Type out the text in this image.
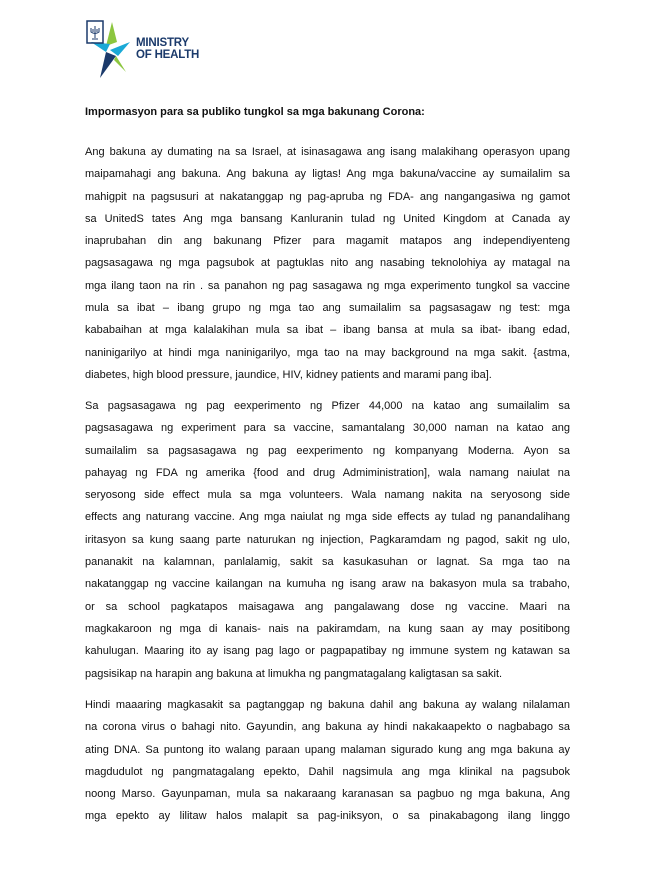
MINISTRY
OF HEALTH
Impormasyon para sa publiko tungkol sa mga bakunang Corona:
Ang bakuna ay dumating na sa Israel, at isinasagawa ang isang malakihang operasyon upang
maipamahagi ang bakuna. Ang bakuna ay ligtas! Ang mga bakuna/vaccine ay sumailalim sa
mahigpit na pagsusuri at nakatanggap ng pag-apruba ng FDA- ang nangangasiwa ng gamot
sa UnitedS tates Ang mga bansang Kanluranin tulad ng United Kingdom at Canada ay
inaprubahan din ang bakunang Pfizer para magamit matapos ang independiyenteng
pagsasagawa ng mga pagsubok at pagtuklas nito ang nasabing teknolohiya ay matagal na
mga ilang taon na rin . sa panahon ng pag sasagawa ng mga experimento tungkol sa vaccine
mula sa ibat – ibang grupo ng mga tao ang sumailalim sa pagsasagaw ng test: mga
kababaihan at mga kalalakihan mula sa ibat – ibang bansa at mula sa ibat- ibang edad,
naninigarilyo at hindi mga naninigarilyo, mga tao na may background na mga sakit. {astma,
diabetes, high blood pressure, jaundice, HIV, kidney patients and marami pang iba].
Sa pagsasagawa ng pag eexperimento ng Pfizer 44,000 na katao ang sumailalim sa
pagsasagawa ng experiment para sa vaccine, samantalang 30,000 naman na katao ang
sumailalim sa pagsasagawa ng pag eexperimento ng kompanyang Moderna. Ayon sa
pahayag ng FDA ng amerika {food and drug Admiministration], wala namang naiulat na
seryosong side effect mula sa mga volunteers. Wala namang nakita na seryosong side
effects ang naturang vaccine. Ang mga naiulat ng mga side effects ay tulad ng panandalihang
iritasyon sa kung saang parte naturukan ng injection, Pagkaramdam ng pagod, sakit ng ulo,
pananakit na kalamnan, panlalamig, sakit sa kasukasuhan or lagnat. Sa mga tao na
nakatanggap ng vaccine kailangan na kumuha ng isang araw na bakasyon mula sa trabaho,
or sa school pagkatapos maisagawa ang pangalawang dose ng vaccine. Maari na
magkakaroon ng mga di kanais- nais na pakiramdam, na kung saan ay may positibong
kahulugan. Maaring ito ay isang pag lago or pagpapatibay ng immune system ng katawan sa
pagsisikap na harapin ang bakuna at limukha ng pangmatagalang kaligtasan sa sakit.
Hindi maaaring magkasakit sa pagtanggap ng bakuna dahil ang bakuna ay walang nilalaman
na corona virus o bahagi nito. Gayundin, ang bakuna ay hindi nakakaapekto o nagbabago sa
ating DNA. Sa puntong ito walang paraan upang malaman sigurado kung ang mga bakuna ay
magdudulot ng pangmatagalang epekto, Dahil nagsimula ang mga klinikal na pagsubok
noong Marso. Gayunpaman, mula sa nakaraang karanasan sa pagbuo ng mga bakuna, Ang
mga epekto ay lilitaw halos malapit sa pag-iniksyon, o sa pinakabagong ilang linggo
